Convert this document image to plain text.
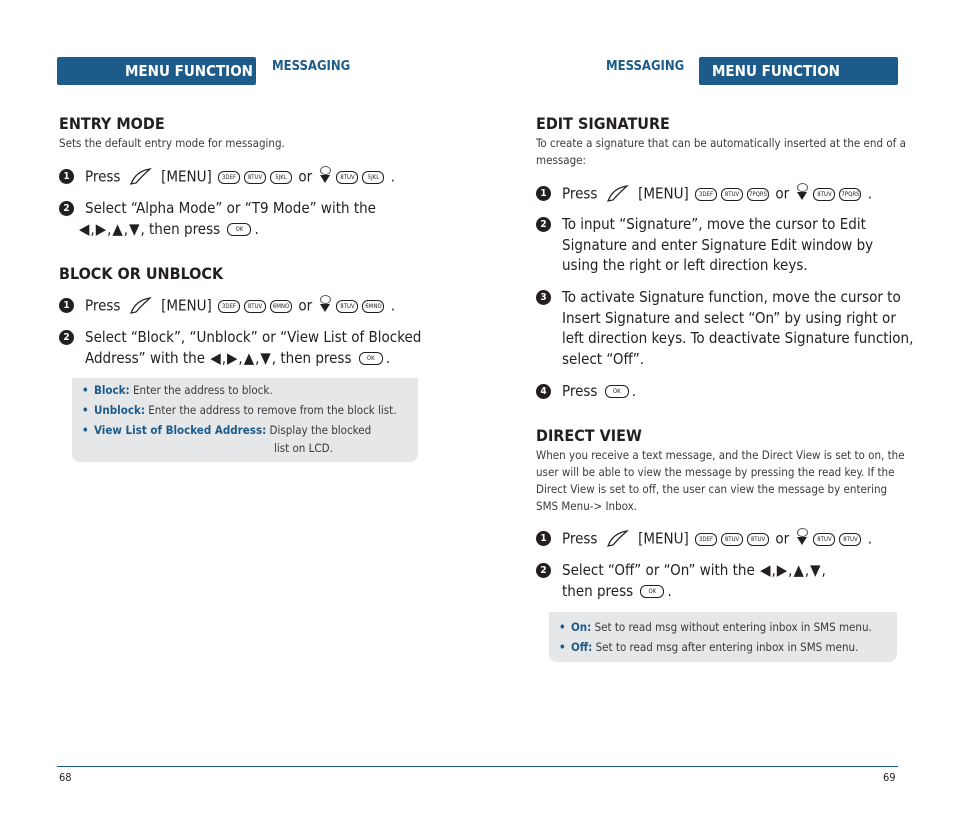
MENU FUNCTION MESSAGING
ENTRY MODE
Sets the default entry mode for messaging.
1 Press	[MENU] 3DEF 8TUV 5JKL or	8TUV 5JKL .
2 Select “Alpha Mode” or “T9 Mode” with the
◀,▶,▲,▼, then press	OK .
BLOCK OR UNBLOCK
1 Press	[MENU] 3DEF 8TUV 6MNO or	8TUV 6MNO .
2 Select “Block”, “Unblock” or “View List of Blocked
Address” with the ◀,▶,▲,▼, then press	OK .
• Block: Enter the address to block.
• Unblock: Enter the address to remove from the block list.
• View List of Blocked Address: Display the blocked
list on LCD.
MESSAGING	MENU FUNCTION
EDIT SIGNATURE
To create a signature that can be automatically inserted at the end of a message:
1 Press	[MENU] 3DEF 8TUV 7PQRS or	8TUV 7PQRS .
2 To input “Signature”, move the cursor to Edit Signature and enter Signature Edit window by using the right or left direction keys.
3 To activate Signature function, move the cursor to Insert Signature and select “On” by using right or left direction keys. To deactivate Signature function, select “Off”.
4 Press	OK .
DIRECT VIEW
When you receive a text message, and the Direct View is set to on, the user will be able to view the message by pressing the read key. If the Direct View is set to off, the user can view the message by entering SMS Menu-> Inbox.
1 Press	[MENU] 3DEF 8TUV 8TUV or	8TUV 8TUV .
2 Select “Off” or “On” with the ◀,▶,▲,▼,
then press	OK .
• On: Set to read msg without entering inbox in SMS menu.
• Off: Set to read msg after entering inbox in SMS menu.
68	69
